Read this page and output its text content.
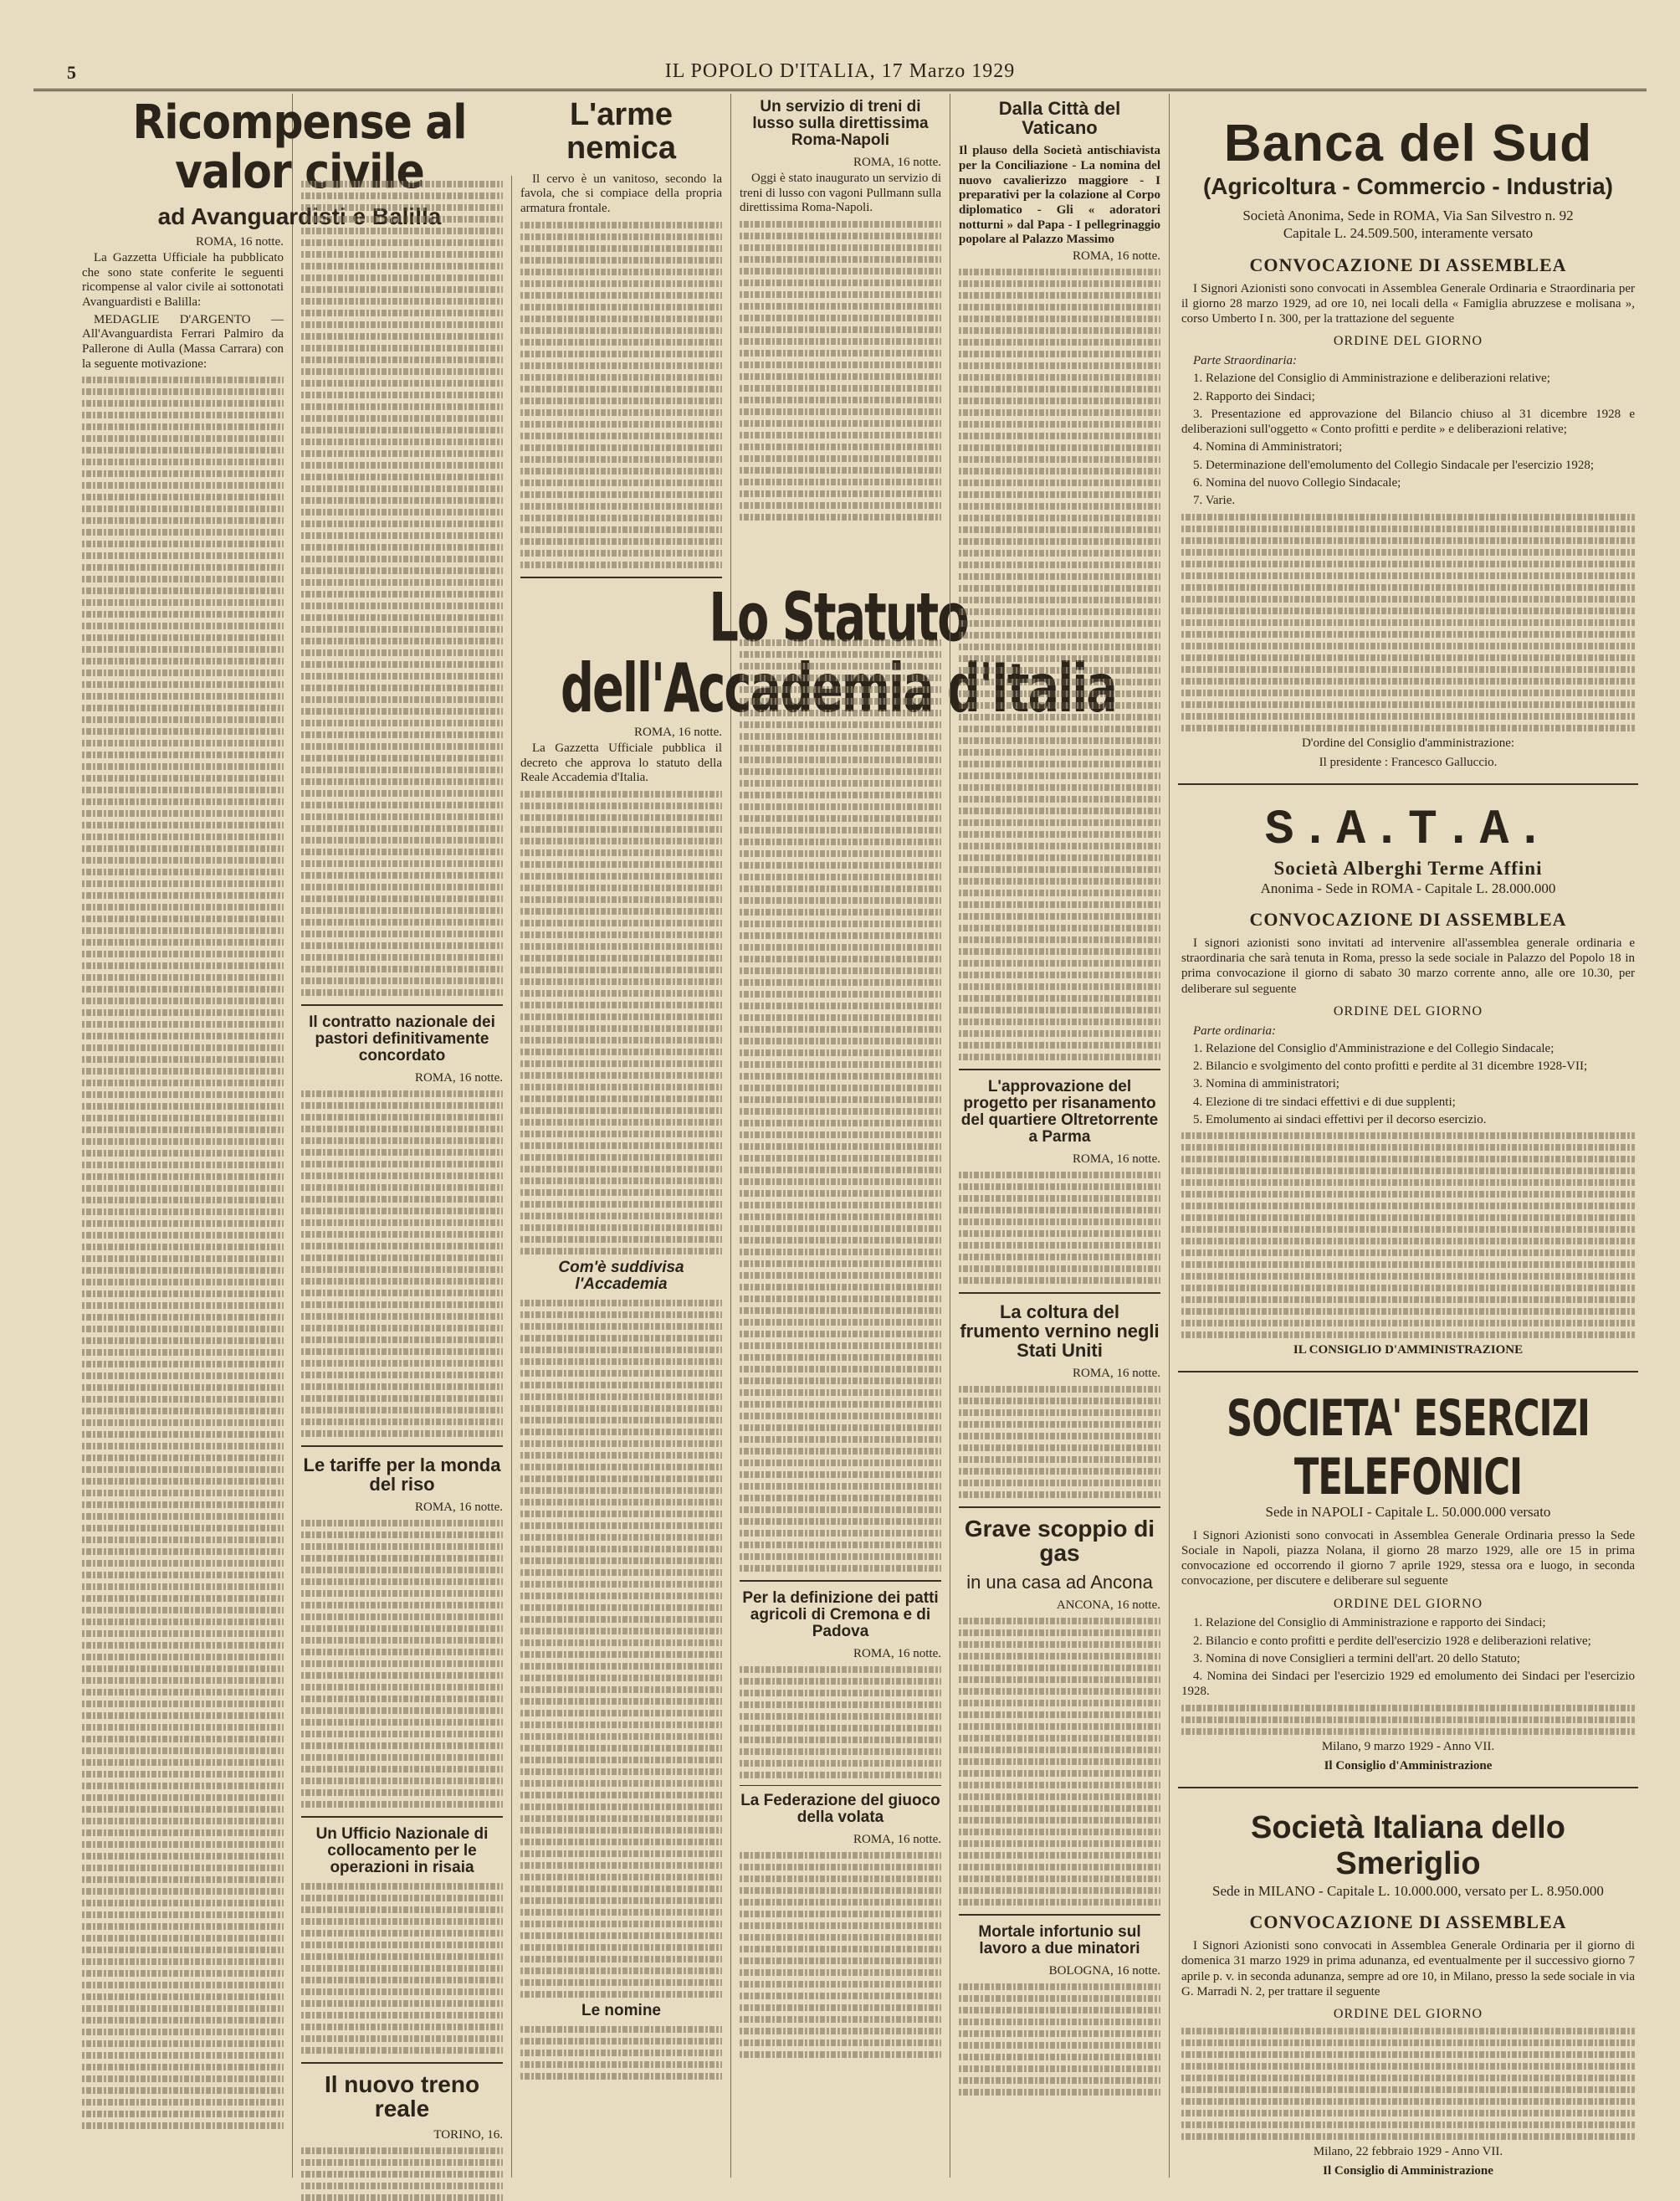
5	IL POPOLO D'ITALIA, 17 Marzo 1929
Ricompense al valor civile
ad Avanguardisti e Balilla
ROMA, 16 notte.

La Gazzetta Ufficiale ha pubblicato che sono state conferite le seguenti ricompense al valor civile ai sottonotati Avanguardisti e Balilla:

MEDAGLIE D'ARGENTO — All'Avanguardista Ferrari Palmiro da Pallerone di Aulla (Massa Carrara) con la seguente motivazione:

Il contratto nazionale dei pastori definitivamente concordato
ROMA, 16 notte.
Le tariffe per la monda del riso
ROMA, 16 notte.
Un Ufficio Nazionale di collocamento per le operazioni in risaia
Il nuovo treno reale
TORINO, 16.
L'arme nemica

Il cervo è un vanitoso, secondo la favola, che si compiace della propria armatura frontale.

Lo Statuto dell'Accademia d'Italia
ROMA, 16 notte.

La Gazzetta Ufficiale pubblica il decreto che approva lo statuto della Reale Accademia d'Italia.

Com'è suddivisa l'Accademia
Le nomine
Un servizio di treni di lusso sulla direttissima Roma-Napoli
ROMA, 16 notte.

Oggi è stato inaugurato un servizio di treni di lusso con vagoni Pullmann sulla direttissima Roma-Napoli.

Per la definizione dei patti agricoli di Cremona e di Padova
ROMA, 16 notte.
La Federazione del giuoco della volata
ROMA, 16 notte.
Dalla Città del Vaticano
Il plauso della Società antischiavista per la Conciliazione - La nomina del nuovo cavalierizzo maggiore - I preparativi per la colazione al Corpo diplomatico - Gli « adoratori notturni » dal Papa - I pellegrinaggio popolare al Palazzo Massimo
ROMA, 16 notte.
L'approvazione del progetto per risanamento del quartiere Oltretorrente a Parma
ROMA, 16 notte.
La coltura del frumento vernino negli Stati Uniti
ROMA, 16 notte.
Grave scoppio di gas
in una casa ad Ancona
ANCONA, 16 notte.
Mortale infortunio sul lavoro a due minatori
BOLOGNA, 16 notte.
Banca del Sud
(Agricoltura - Commercio - Industria)
Società Anonima, Sede in ROMA, Via San Silvestro n. 92
Capitale L. 24.509.500, interamente versato
CONVOCAZIONE DI ASSEMBLEA

I Signori Azionisti sono convocati in Assemblea Generale Ordinaria e Straordinaria per il giorno 28 marzo 1929, ad ore 10, nei locali della « Famiglia abruzzese e molisana », corso Umberto I n. 300, per la trattazione del seguente

ORDINE DEL GIORNO

Parte Straordinaria:

1. Relazione del Consiglio di Amministrazione e deliberazioni relative;

2. Rapporto dei Sindaci;

3. Presentazione ed approvazione del Bilancio chiuso al 31 dicembre 1928 e deliberazioni sull'oggetto « Conto profitti e perdite » e deliberazioni relative;

4. Nomina di Amministratori;

5. Determinazione dell'emolumento del Collegio Sindacale per l'esercizio 1928;

6. Nomina del nuovo Collegio Sindacale;

7. Varie.

D'ordine del Consiglio d'amministrazione:
Il presidente : Francesco Galluccio.
S.A.T.A.
Società Alberghi Terme Affini
Anonima - Sede in ROMA - Capitale L. 28.000.000
CONVOCAZIONE DI ASSEMBLEA

I signori azionisti sono invitati ad intervenire all'assemblea generale ordinaria e straordinaria che sarà tenuta in Roma, presso la sede sociale in Palazzo del Popolo 18 in prima convocazione il giorno di sabato 30 marzo corrente anno, alle ore 10.30, per deliberare sul seguente

ORDINE DEL GIORNO

Parte ordinaria:

1. Relazione del Consiglio d'Amministrazione e del Collegio Sindacale;

2. Bilancio e svolgimento del conto profitti e perdite al 31 dicembre 1928-VII;

3. Nomina di amministratori;

4. Elezione di tre sindaci effettivi e di due supplenti;

5. Emolumento ai sindaci effettivi per il decorso esercizio.

IL CONSIGLIO D'AMMINISTRAZIONE
SOCIETA' ESERCIZI TELEFONICI
Sede in NAPOLI - Capitale L. 50.000.000 versato

I Signori Azionisti sono convocati in Assemblea Generale Ordinaria presso la Sede Sociale in Napoli, piazza Nolana, il giorno 28 marzo 1929, alle ore 15 in prima convocazione ed occorrendo il giorno 7 aprile 1929, stessa ora e luogo, in seconda convocazione, per discutere e deliberare sul seguente

ORDINE DEL GIORNO

1. Relazione del Consiglio di Amministrazione e rapporto dei Sindaci;

2. Bilancio e conto profitti e perdite dell'esercizio 1928 e deliberazioni relative;

3. Nomina di nove Consiglieri a termini dell'art. 20 dello Statuto;

4. Nomina dei Sindaci per l'esercizio 1929 ed emolumento dei Sindaci per l'esercizio 1928.

Milano, 9 marzo 1929 - Anno VII.
Il Consiglio d'Amministrazione
Società Italiana dello Smeriglio
Sede in MILANO - Capitale L. 10.000.000, versato per L. 8.950.000
CONVOCAZIONE DI ASSEMBLEA

I Signori Azionisti sono convocati in Assemblea Generale Ordinaria per il giorno di domenica 31 marzo 1929 in prima adunanza, ed eventualmente per il successivo giorno 7 aprile p. v. in seconda adunanza, sempre ad ore 10, in Milano, presso la sede sociale in via G. Marradi N. 2, per trattare il seguente

ORDINE DEL GIORNO
Milano, 22 febbraio 1929 - Anno VII.
Il Consiglio di Amministrazione
